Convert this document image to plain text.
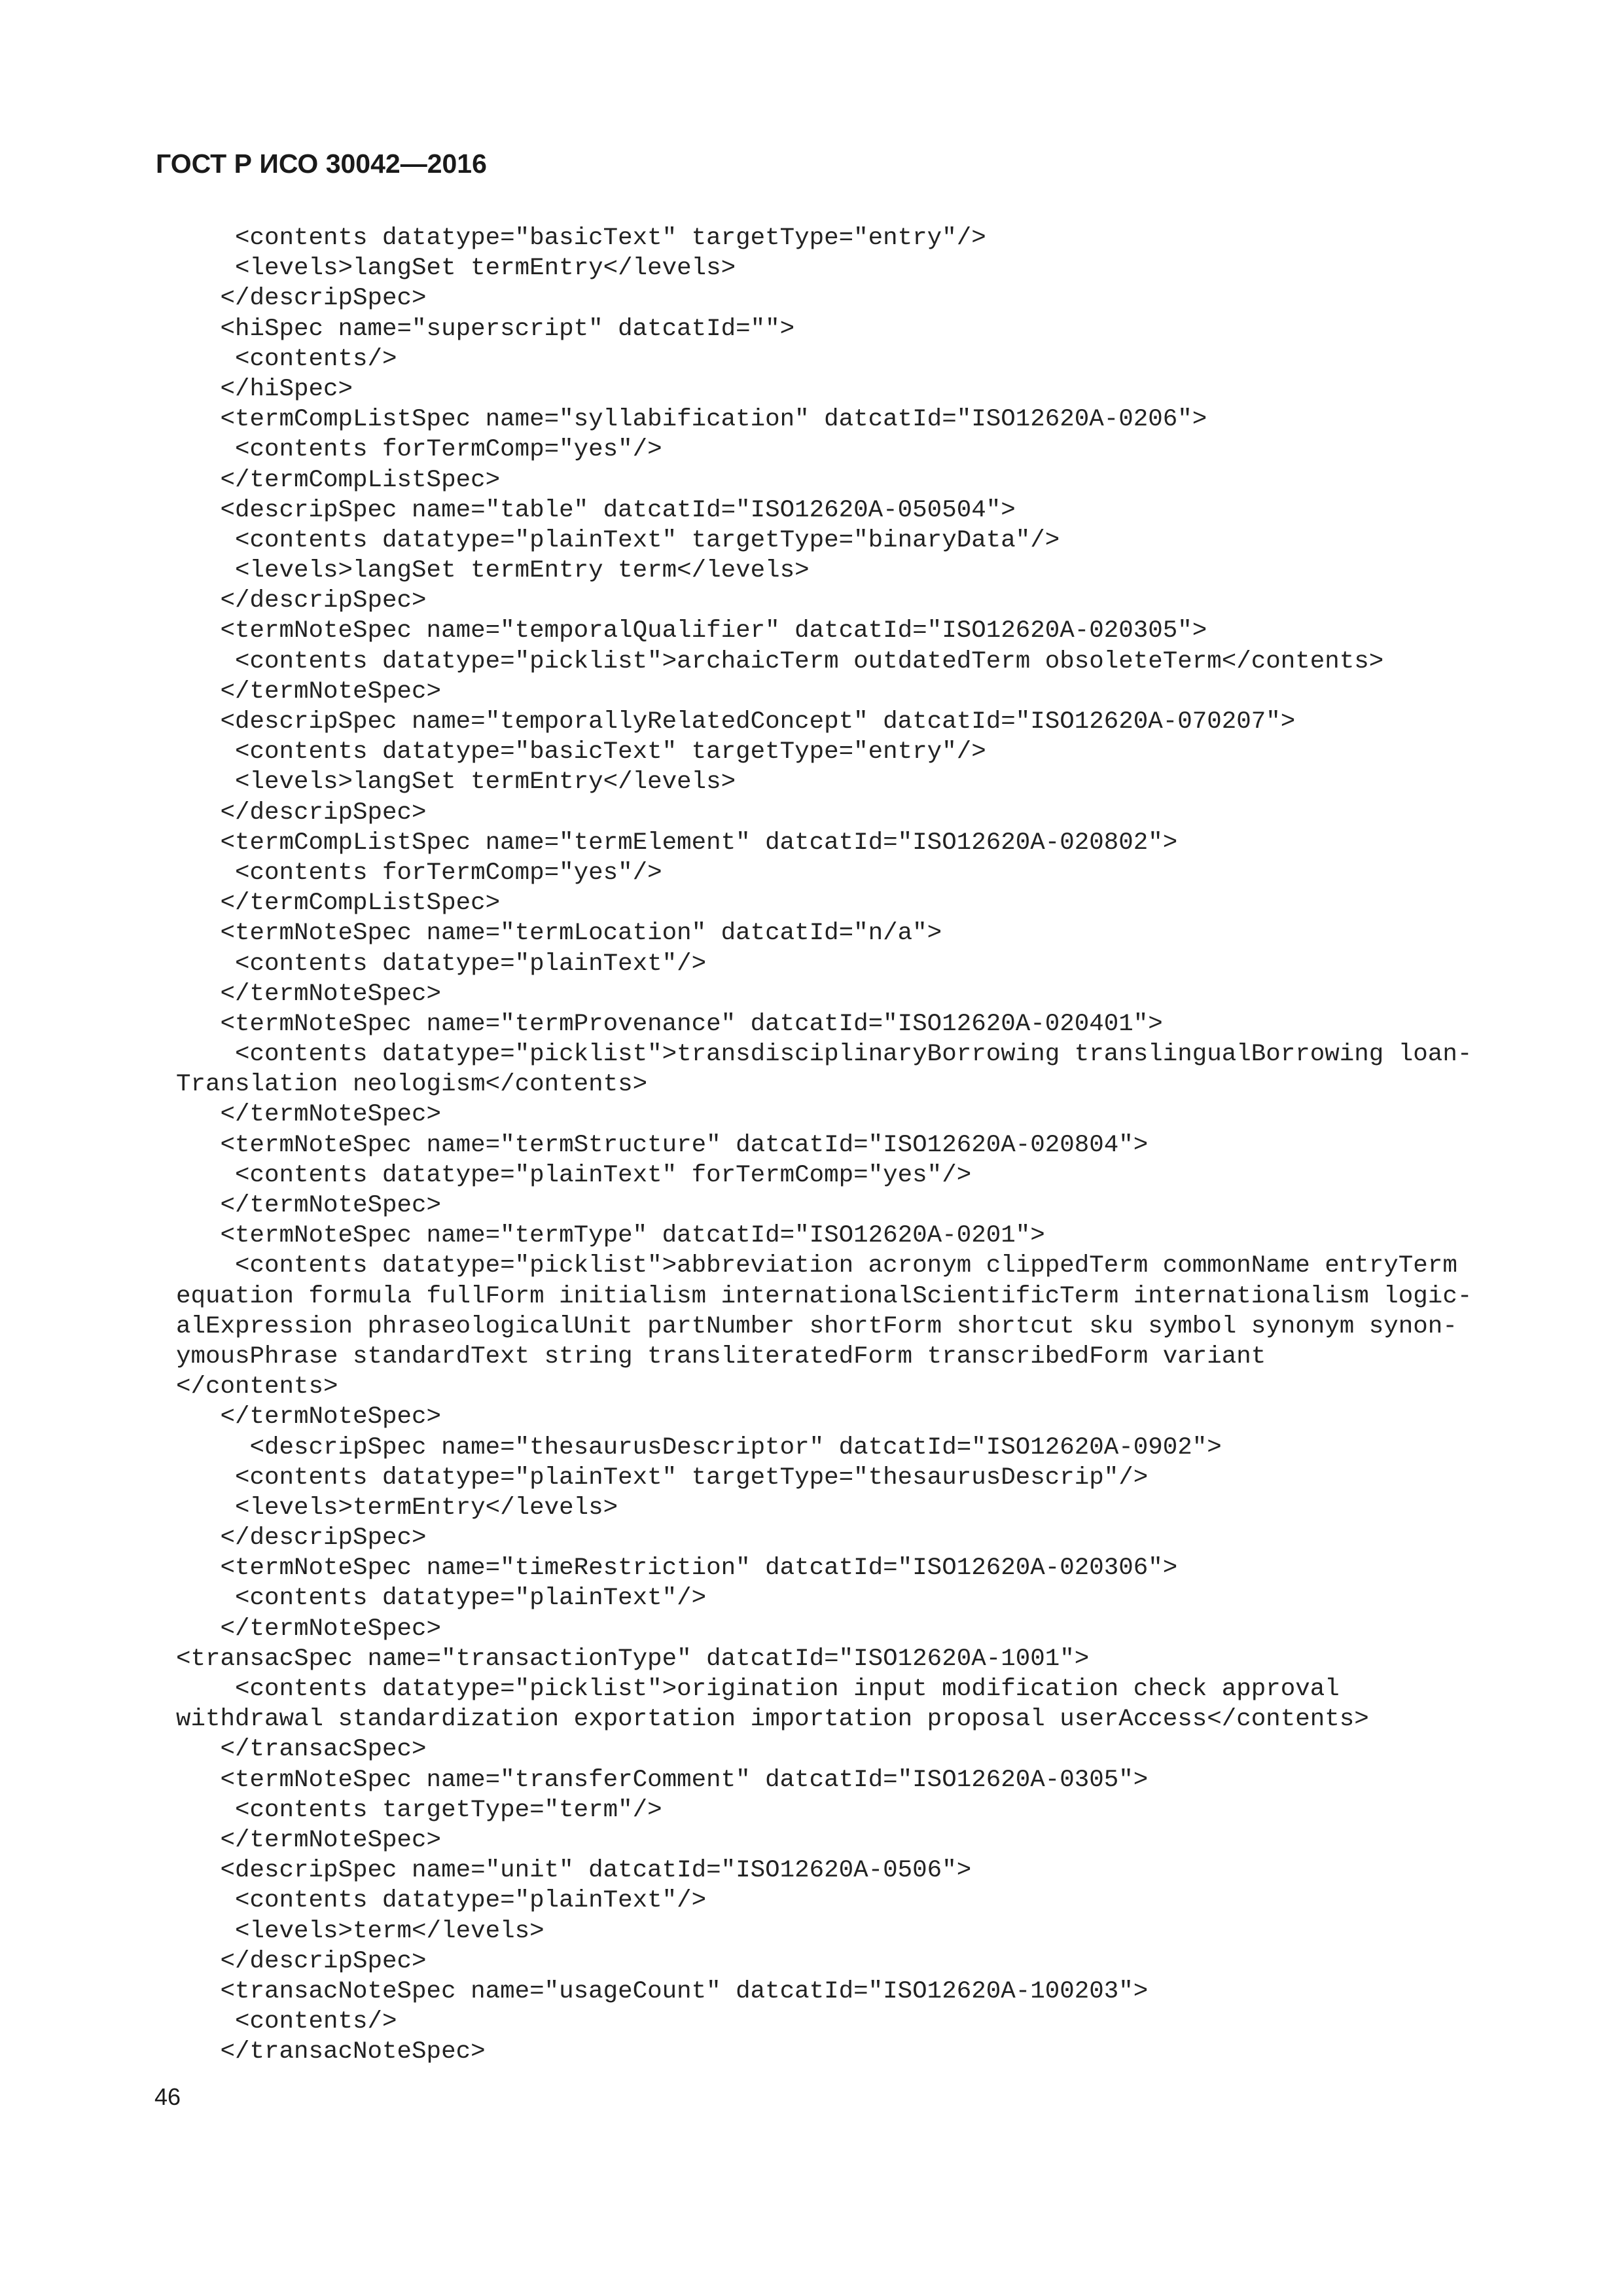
ГОСТ Р ИСО 30042—2016
<contents datatype="basicText" targetType="entry"/>
<levels>langSet termEntry</levels>
</descripSpec>
<hiSpec name="superscript" datcatId="">
<contents/>
</hiSpec>
<termCompListSpec name="syllabification" datcatId="ISO12620A-0206">
<contents forTermComp="yes"/>
</termCompListSpec>
<descripSpec name="table" datcatId="ISO12620A-050504">
<contents datatype="plainText" targetType="binaryData"/>
<levels>langSet termEntry term</levels>
</descripSpec>
<termNoteSpec name="temporalQualifier" datcatId="ISO12620A-020305">
<contents datatype="picklist">archaicTerm outdatedTerm obsoleteTerm</contents>
</termNoteSpec>
<descripSpec name="temporallyRelatedConcept" datcatId="ISO12620A-070207">
<contents datatype="basicText" targetType="entry"/>
<levels>langSet termEntry</levels>
</descripSpec>
<termCompListSpec name="termElement" datcatId="ISO12620A-020802">
<contents forTermComp="yes"/>
</termCompListSpec>
<termNoteSpec name="termLocation" datcatId="n/a">
<contents datatype="plainText"/>
</termNoteSpec>
<termNoteSpec name="termProvenance" datcatId="ISO12620A-020401">
<contents datatype="picklist">transdisciplinaryBorrowing translingualBorrowing loan-
Translation neologism</contents>
</termNoteSpec>
<termNoteSpec name="termStructure" datcatId="ISO12620A-020804">
<contents datatype="plainText" forTermComp="yes"/>
</termNoteSpec>
<termNoteSpec name="termType" datcatId="ISO12620A-0201">
<contents datatype="picklist">abbreviation acronym clippedTerm commonName entryTerm
equation formula fullForm initialism internationalScientificTerm internationalism logic-
alExpression phraseologicalUnit partNumber shortForm shortcut sku symbol synonym synon-
ymousPhrase standardText string transliteratedForm transcribedForm variant
</contents>
</termNoteSpec>
<descripSpec name="thesaurusDescriptor" datcatId="ISO12620A-0902">
<contents datatype="plainText" targetType="thesaurusDescrip"/>
<levels>termEntry</levels>
</descripSpec>
<termNoteSpec name="timeRestriction" datcatId="ISO12620A-020306">
<contents datatype="plainText"/>
</termNoteSpec>
<transacSpec name="transactionType" datcatId="ISO12620A-1001">
<contents datatype="picklist">origination input modification check approval
withdrawal standardization exportation importation proposal userAccess</contents>
</transacSpec>
<termNoteSpec name="transferComment" datcatId="ISO12620A-0305">
<contents targetType="term"/>
</termNoteSpec>
<descripSpec name="unit" datcatId="ISO12620A-0506">
<contents datatype="plainText"/>
<levels>term</levels>
</descripSpec>
<transacNoteSpec name="usageCount" datcatId="ISO12620A-100203">
<contents/>
</transacNoteSpec>
46
